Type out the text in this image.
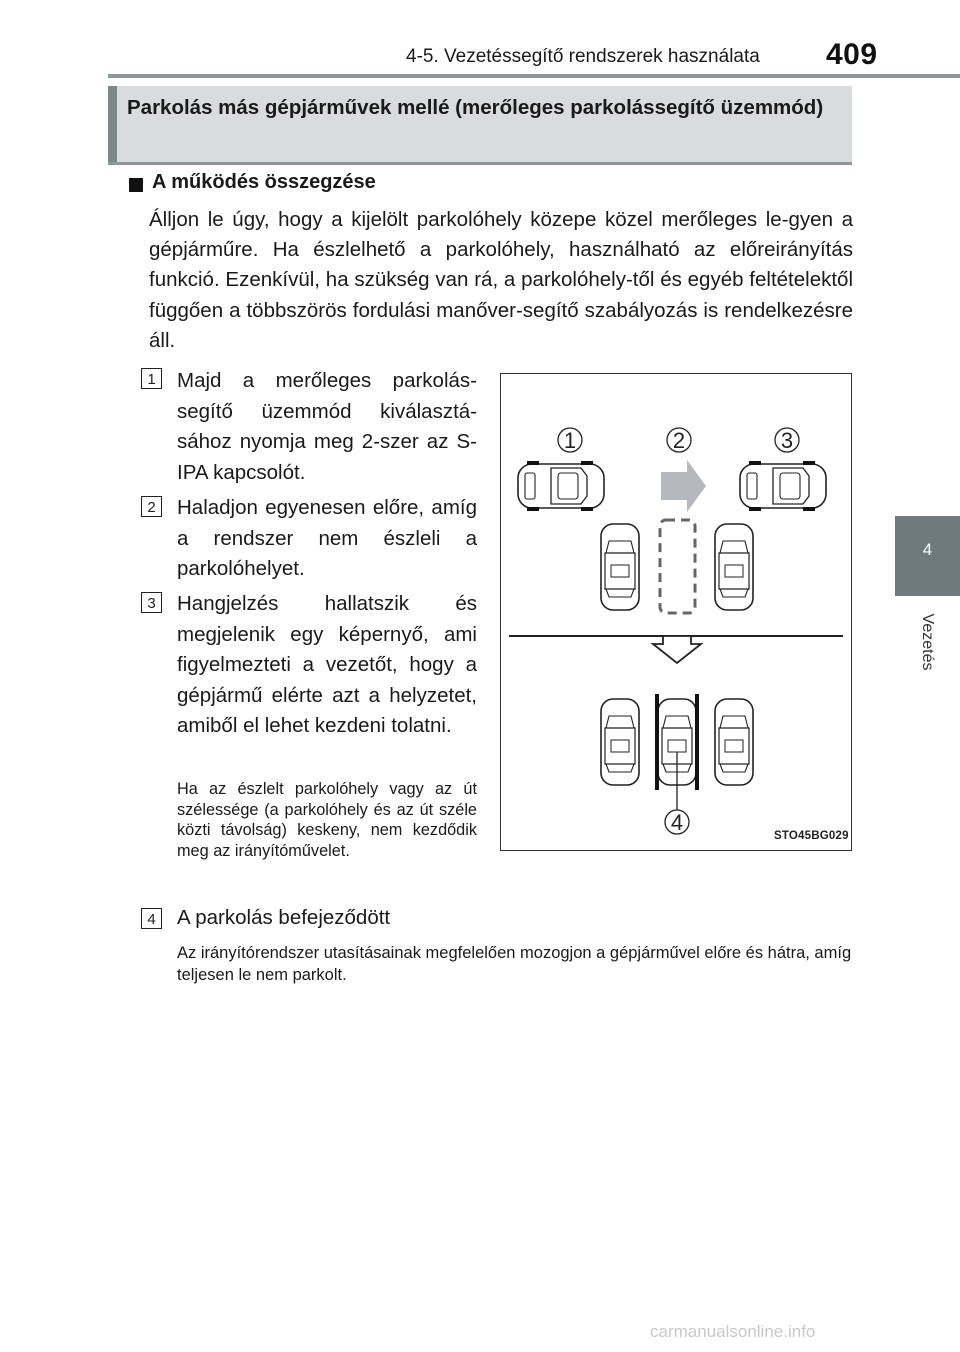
4-5. Vezetéssegítő rendszerek használata 409
4
Vezetés
Parkolás más gépjárművek mellé (merőleges parkolássegítő üzemmód)
A működés összegzése
Álljon le úgy, hogy a kijelölt parkolóhely közepe közel merőleges le-gyen a gépjárműre. Ha észlelhető a parkolóhely, használható az előreirányítás funkció. Ezenkívül, ha szükség van rá, a parkolóhely-től és egyéb feltételektől függően a többszörös fordulási manőver-segítő szabályozás is rendelkezésre áll.
1 Majd a merőleges parkolás-segítő üzemmód kiválasztá-sához nyomja meg 2-szer az S-IPA kapcsolót.
2 Haladjon egyenesen előre, amíg a rendszer nem észleli a parkolóhelyet.
3 Hangjelzés hallatszik és megjelenik egy képernyő, ami figyelmezteti a vezetőt, hogy a gépjármű elérte azt a helyzetet, amiből el lehet kezdeni tolatni.
Ha az észlelt parkolóhely vagy az út szélessége (a parkolóhely és az út széle közti távolság) keskeny, nem kezdődik meg az irányítóművelet.
4 A parkolás befejeződött
Az irányítórendszer utasításainak megfelelően mozogjon a gépjárművel előre és hátra, amíg teljesen le nem parkolt.
1	2	3
4
STO45BG029
carmanualsonline.info
